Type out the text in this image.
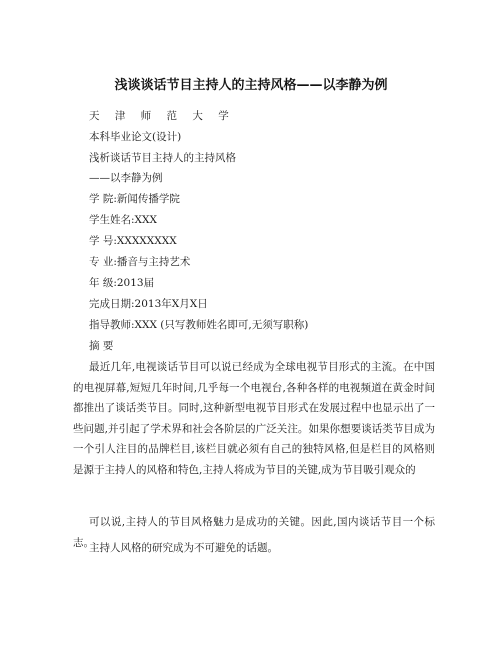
浅谈谈话节目主持人的主持风格——以李静为例
天 津 师 范 大 学
本科毕业论文(设计)
浅析谈话节目主持人的主持风格
——以李静为例
学 院:新闻传播学院
学生姓名:XXX
学 号:XXXXXXXX
专 业:播音与主持艺术
年 级:2013届
完成日期:2013年X月X日
指导教师:XXX (只写教师姓名即可,无须写职称)
摘 要
最近几年,电视谈话节目可以说已经成为全球电视节目形式的主流。在中国的电视屏幕,短短几年时间,几乎每一个电视台,各种各样的电视频道在黄金时间都推出了谈话类节目。同时,这种新型电视节目形式在发展过程中也显示出了一些问题,并引起了学术界和社会各阶层的广泛关注。如果你想要谈话类节目成为一个引人注目的品牌栏目,该栏目就必须有自己的独特风格,但是栏目的风格则是源于主持人的风格和特色,主持人将成为节目的关键,成为节目吸引观众的
可以说,主持人的节目风格魅力是成功的关键。因此,国内谈话节目一个标志。
主持人风格的研究成为不可避免的话题。
